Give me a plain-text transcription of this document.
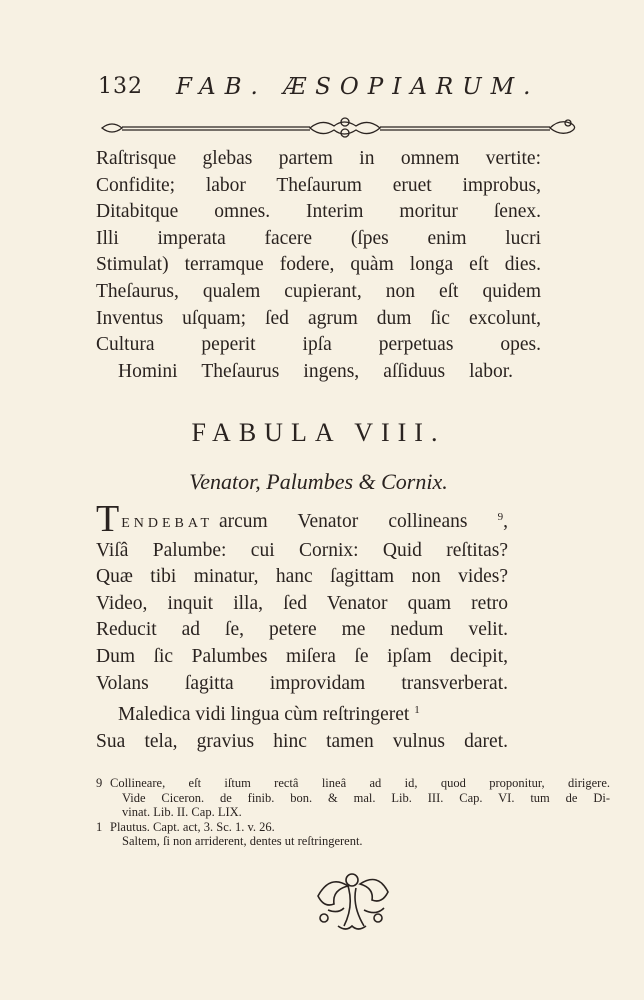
132 FAB. ÆSOPIARUM.
Raſtrisque glebas partem in omnem vertite:
Confidite; labor Theſaurum eruet improbus,
Ditabitque omnes. Interim moritur ſenex.
Illi imperata facere (ſpes enim lucri
Stimulat) terramque fodere, quàm longa eſt dies.
Theſaurus, qualem cupierant, non eſt quidem
Inventus uſquam; ſed agrum dum ſic excolunt,
Cultura peperit ipſa perpetuas opes.
Homini Theſaurus ingens, aſſiduus labor.
FABULA VIII.
Venator, Palumbes & Cornix.
TENDEBAT arcum Venator collineans	$^9$,
Viſâ Palumbe: cui Cornix: Quid reſtitas?
Quæ tibi minatur, hanc ſagittam non vides?
Video, inquit illa, ſed Venator quam retro
Reducit ad ſe, petere me nedum velit.
Dum ſic Palumbes miſera ſe ipſam decipit,
Volans ſagitta improvidam transverberat.
Maledica vidi lingua cùm reſtringeret $^1$
Sua tela, gravius hinc tamen vulnus daret.
9 Collineare, eſt iſtum rectâ lineâ ad id, quod proponitur, dirigere.
Vide Ciceron. de finib. bon. & mal. Lib. III. Cap. VI. tum de Di-
vinat. Lib. II. Cap. LIX.
1 Plautus. Capt. act, 3. Sc. 1. v. 26.
Saltem, ſi non arriderent, dentes ut reſtringerent.
